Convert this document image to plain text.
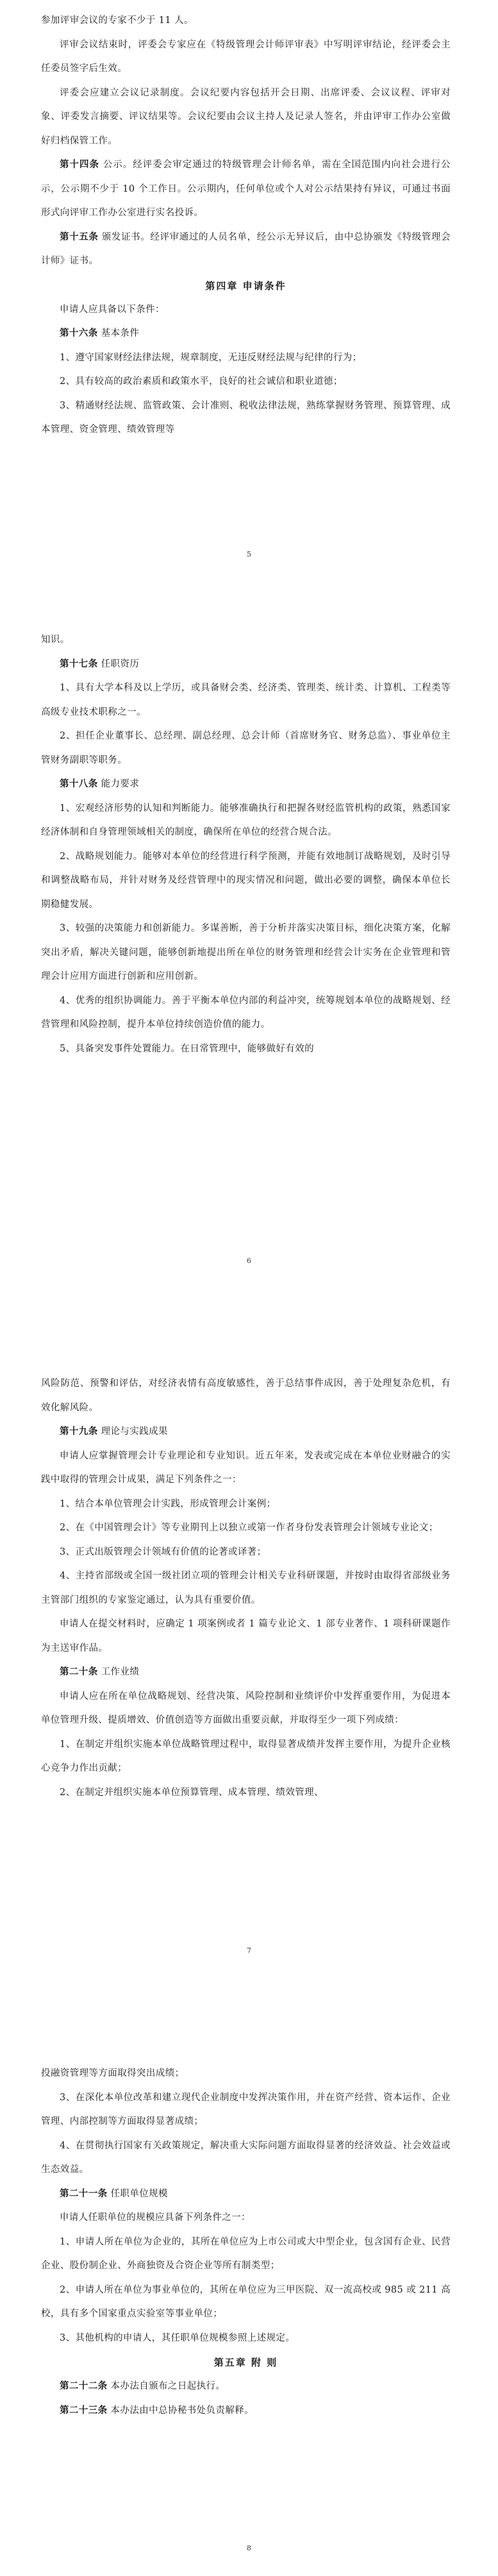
参加评审会议的专家不少于 11 人。

评审会议结束时，评委会专家应在《特级管理会计师评审表》中写明评审结论，经评委会主任委员签字后生效。

评委会应建立会议记录制度。会议纪要内容包括开会日期、出席评委、会议议程、评审对象、评委发言摘要、评议结果等。会议纪要由会议主持人及记录人签名，并由评审工作办公室做好归档保管工作。

第十四条 公示。经评委会审定通过的特级管理会计师名单，需在全国范围内向社会进行公示，公示期不少于 10 个工作日。公示期内，任何单位或个人对公示结果持有异议，可通过书面形式向评审工作办公室进行实名投诉。

第十五条 颁发证书。经评审通过的人员名单，经公示无异议后，由中总协颁发《特级管理会计师》证书。

第四章 申请条件

申请人应具备以下条件：

第十六条 基本条件

1、遵守国家财经法律法规，规章制度，无违反财经法规与纪律的行为；

2、具有较高的政治素质和政策水平，良好的社会诚信和职业道德；

3、精通财经法规、监管政策、会计准则、税收法律法规，熟练掌握财务管理、预算管理、成本管理、资金管理、绩效管理等

5

知识。

第十七条 任职资历

1、具有大学本科及以上学历，或具备财会类、经济类、管理类、统计类、计算机、工程类等高级专业技术职称之一。

2、担任企业董事长、总经理、副总经理、总会计师（首席财务官、财务总监）、事业单位主管财务副职等职务。

第十八条 能力要求

1、宏观经济形势的认知和判断能力。能够准确执行和把握各财经监管机构的政策，熟悉国家经济体制和自身管理领域相关的制度，确保所在单位的经营合规合法。

2、战略规划能力。能够对本单位的经营进行科学预测，并能有效地制订战略规划，及时引导和调整战略布局，并针对财务及经营管理中的现实情况和问题，做出必要的调整，确保本单位长期稳健发展。

3、较强的决策能力和创新能力。多谋善断，善于分析并落实决策目标，细化决策方案，化解突出矛盾，解决关键问题，能够创新地提出所在单位的财务管理和经营会计实务在企业管理和管理会计应用方面进行创新和应用创新。

4、优秀的组织协调能力。善于平衡本单位内部的利益冲突，统筹规划本单位的战略规划、经营管理和风险控制，提升本单位持续创造价值的能力。

5、具备突发事件处置能力。在日常管理中，能够做好有效的

6

风险防范、预警和评估，对经济表情有高度敏感性，善于总结事件成因，善于处理复杂危机，有效化解风险。

第十九条 理论与实践成果

申请人应掌握管理会计专业理论和专业知识。近五年来，发表或完成在本单位业财融合的实践中取得的管理会计成果，满足下列条件之一：

1、结合本单位管理会计实践，形成管理会计案例；

2、在《中国管理会计》等专业期刊上以独立或第一作者身份发表管理会计领域专业论文；

3、正式出版管理会计领域有价值的论著或译著；

4、主持省部级或全国一级社团立项的管理会计相关专业科研课题，并按时由取得省部级业务主管部门组织的专家鉴定通过，认为具有重要价值。

申请人在提交材料时，应确定 1 项案例或者 1 篇专业论文、1 部专业著作、1 项科研课题作为主送审作品。

第二十条 工作业绩

申请人应在所在单位战略规划、经营决策、风险控制和业绩评价中发挥重要作用，为促进本单位管理升级、提质增效、价值创造等方面做出重要贡献，并取得至少一项下列成绩：

1、在制定并组织实施本单位战略管理过程中，取得显著成绩并发挥主要作用，为提升企业核心竞争力作出贡献；

2、在制定并组织实施本单位预算管理、成本管理、绩效管理、

7

投融资管理等方面取得突出成绩；

3、在深化本单位改革和建立现代企业制度中发挥决策作用，并在资产经营、资本运作、企业管理、内部控制等方面取得显著成绩；

4、在贯彻执行国家有关政策规定，解决重大实际问题方面取得显著的经济效益、社会效益或生态效益。

第二十一条 任职单位规模

申请人任职单位的规模应具备下列条件之一：

1、申请人所在单位为企业的，其所在单位应为上市公司或大中型企业，包含国有企业、民营企业、股份制企业、外商独资及合资企业等所有制类型；

2、申请人所在单位为事业单位的，其所在单位应为三甲医院、双一流高校或 985 或 211 高校，具有多个国家重点实验室等事业单位；

3、其他机构的申请人，其任职单位规模参照上述规定。

第五章 附 则

第二十二条 本办法自颁布之日起执行。

第二十三条 本办法由中总协秘书处负责解释。

8
